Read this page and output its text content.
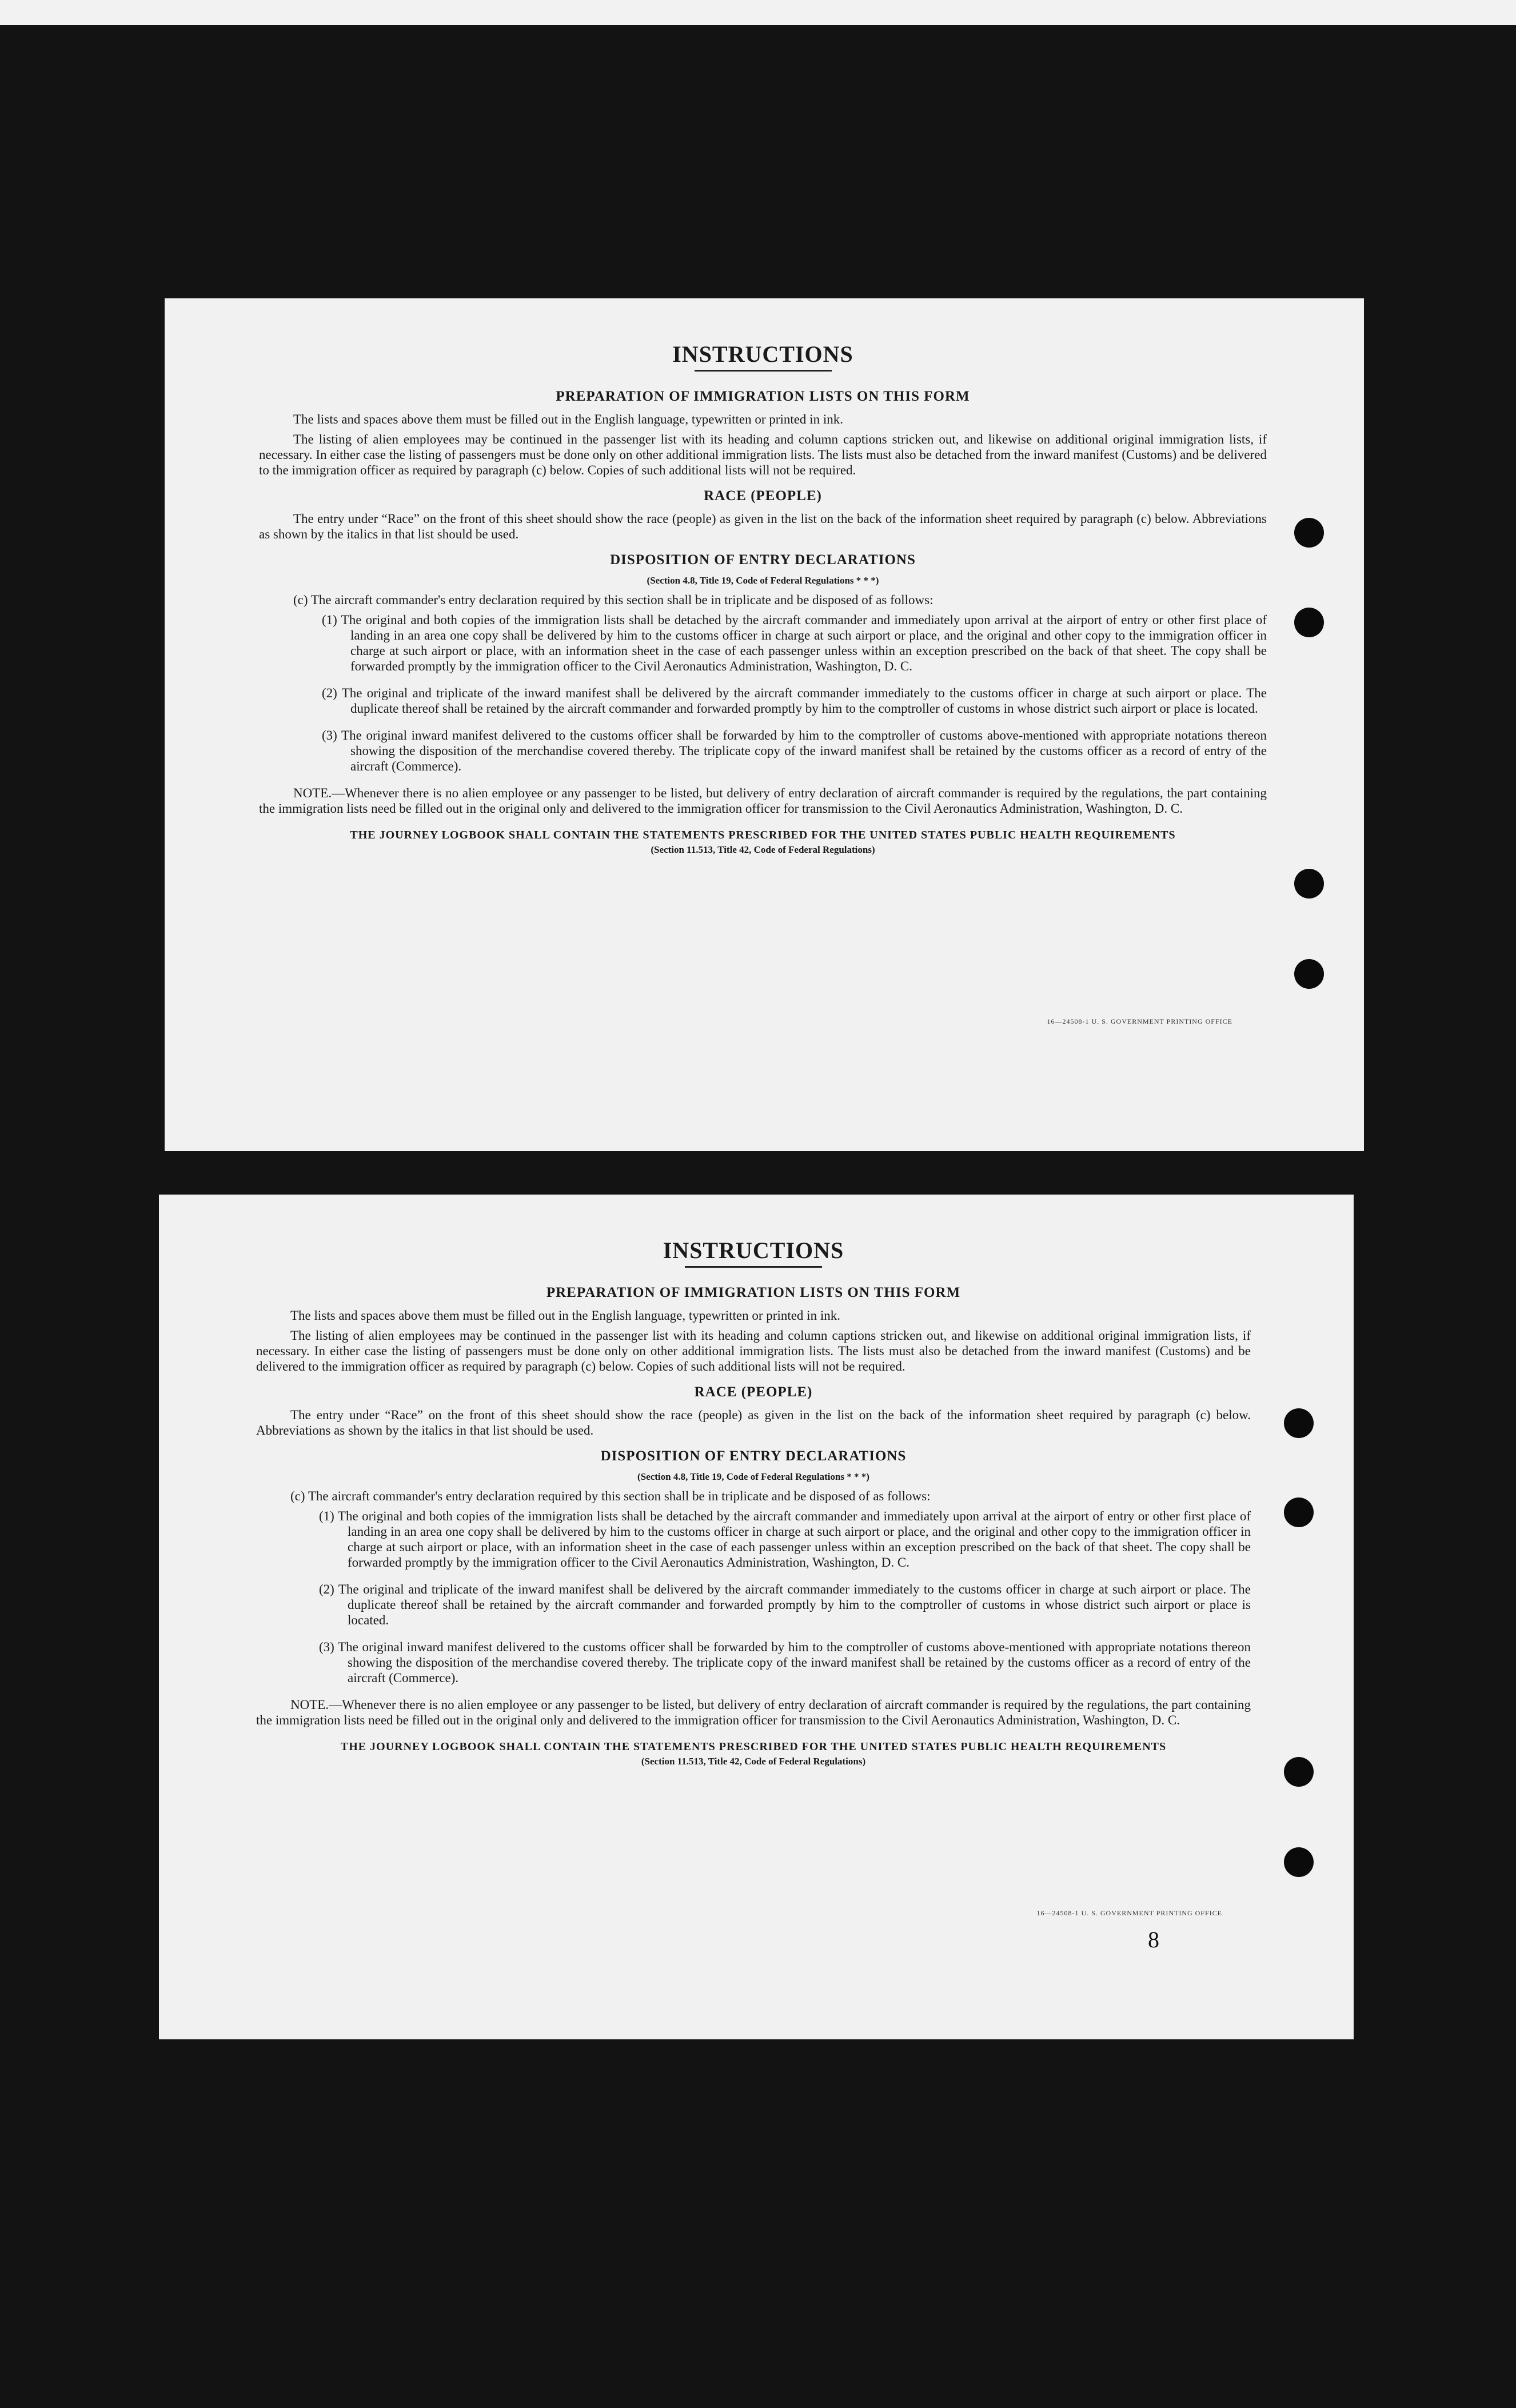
INSTRUCTIONS
PREPARATION OF IMMIGRATION LISTS ON THIS FORM

The lists and spaces above them must be filled out in the English language, typewritten or printed in ink.

The listing of alien employees may be continued in the passenger list with its heading and column captions stricken out, and likewise on additional original immigration lists, if necessary. In either case the listing of passengers must be done only on other additional immigration lists. The lists must also be detached from the inward manifest (Customs) and be delivered to the immigration officer as required by paragraph (c) below. Copies of such additional lists will not be required.

RACE (PEOPLE)

The entry under “Race” on the front of this sheet should show the race (people) as given in the list on the back of the information sheet required by paragraph (c) below. Abbreviations as shown by the italics in that list should be used.

DISPOSITION OF ENTRY DECLARATIONS
(Section 4.8, Title 19, Code of Federal Regulations * * *)

(c) The aircraft commander's entry declaration required by this section shall be in triplicate and be disposed of as follows:

(1) The original and both copies of the immigration lists shall be detached by the aircraft commander and immediately upon arrival at the airport of entry or other first place of landing in an area one copy shall be delivered by him to the customs officer in charge at such airport or place, and the original and other copy to the immigration officer in charge at such airport or place, with an information sheet in the case of each passenger unless within an exception prescribed on the back of that sheet. The copy shall be forwarded promptly by the immigration officer to the Civil Aeronautics Administration, Washington, D. C.

(2) The original and triplicate of the inward manifest shall be delivered by the aircraft commander immediately to the customs officer in charge at such airport or place. The duplicate thereof shall be retained by the aircraft commander and forwarded promptly by him to the comptroller of customs in whose district such airport or place is located.

(3) The original inward manifest delivered to the customs officer shall be forwarded by him to the comptroller of customs above-mentioned with appropriate notations thereon showing the disposition of the merchandise covered thereby. The triplicate copy of the inward manifest shall be retained by the customs officer as a record of entry of the aircraft (Commerce).

NOTE.—Whenever there is no alien employee or any passenger to be listed, but delivery of entry declaration of aircraft commander is required by the regulations, the part containing the immigration lists need be filled out in the original only and delivered to the immigration officer for transmission to the Civil Aeronautics Administration, Washington, D. C.

THE JOURNEY LOGBOOK SHALL CONTAIN THE STATEMENTS PRESCRIBED FOR THE UNITED STATES PUBLIC HEALTH REQUIREMENTS
(Section 11.513, Title 42, Code of Federal Regulations)
16—24508-1 U. S. GOVERNMENT PRINTING OFFICE
INSTRUCTIONS
PREPARATION OF IMMIGRATION LISTS ON THIS FORM

The lists and spaces above them must be filled out in the English language, typewritten or printed in ink.

The listing of alien employees may be continued in the passenger list with its heading and column captions stricken out, and likewise on additional original immigration lists, if necessary. In either case the listing of passengers must be done only on other additional immigration lists. The lists must also be detached from the inward manifest (Customs) and be delivered to the immigration officer as required by paragraph (c) below. Copies of such additional lists will not be required.

RACE (PEOPLE)

The entry under “Race” on the front of this sheet should show the race (people) as given in the list on the back of the information sheet required by paragraph (c) below. Abbreviations as shown by the italics in that list should be used.

DISPOSITION OF ENTRY DECLARATIONS
(Section 4.8, Title 19, Code of Federal Regulations * * *)

(c) The aircraft commander's entry declaration required by this section shall be in triplicate and be disposed of as follows:

(1) The original and both copies of the immigration lists shall be detached by the aircraft commander and immediately upon arrival at the airport of entry or other first place of landing in an area one copy shall be delivered by him to the customs officer in charge at such airport or place, and the original and other copy to the immigration officer in charge at such airport or place, with an information sheet in the case of each passenger unless within an exception prescribed on the back of that sheet. The copy shall be forwarded promptly by the immigration officer to the Civil Aeronautics Administration, Washington, D. C.

(2) The original and triplicate of the inward manifest shall be delivered by the aircraft commander immediately to the customs officer in charge at such airport or place. The duplicate thereof shall be retained by the aircraft commander and forwarded promptly by him to the comptroller of customs in whose district such airport or place is located.

(3) The original inward manifest delivered to the customs officer shall be forwarded by him to the comptroller of customs above-mentioned with appropriate notations thereon showing the disposition of the merchandise covered thereby. The triplicate copy of the inward manifest shall be retained by the customs officer as a record of entry of the aircraft (Commerce).

NOTE.—Whenever there is no alien employee or any passenger to be listed, but delivery of entry declaration of aircraft commander is required by the regulations, the part containing the immigration lists need be filled out in the original only and delivered to the immigration officer for transmission to the Civil Aeronautics Administration, Washington, D. C.

THE JOURNEY LOGBOOK SHALL CONTAIN THE STATEMENTS PRESCRIBED FOR THE UNITED STATES PUBLIC HEALTH REQUIREMENTS
(Section 11.513, Title 42, Code of Federal Regulations)
16—24508-1 U. S. GOVERNMENT PRINTING OFFICE
8
